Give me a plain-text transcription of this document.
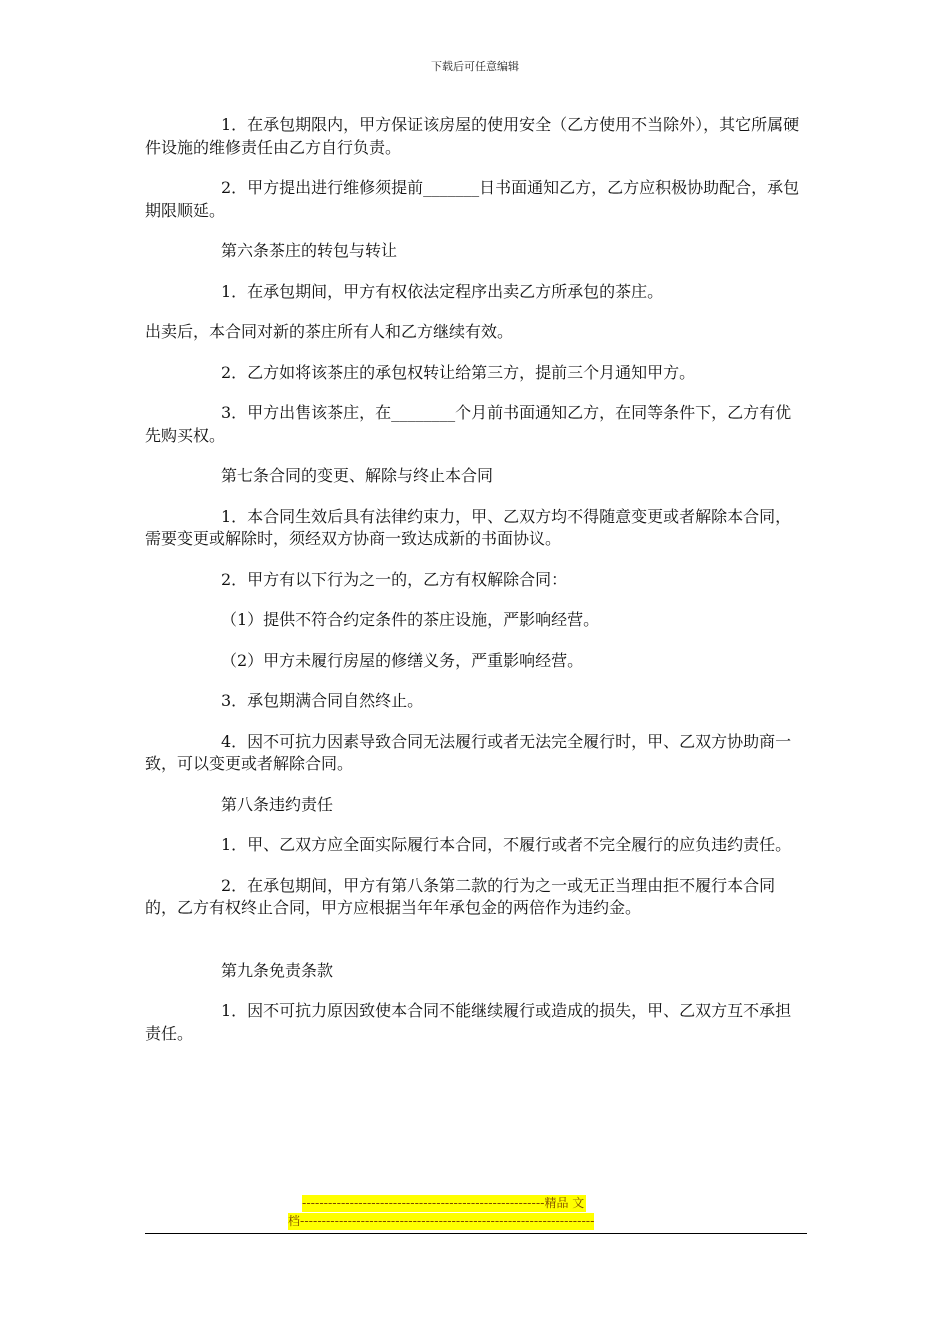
下载后可任意编辑

1．在承包期限内，甲方保证该房屋的使用安全（乙方使用不当除外），其它所属硬件设施的维修责任由乙方自行负责。

2．甲方提出进行维修须提前_______日书面通知乙方，乙方应积极协助配合，承包期限顺延。

第六条茶庄的转包与转让

1．在承包期间，甲方有权依法定程序出卖乙方所承包的茶庄。

出卖后，本合同对新的茶庄所有人和乙方继续有效。

2．乙方如将该茶庄的承包权转让给第三方，提前三个月通知甲方。

3．甲方出售该茶庄，在________个月前书面通知乙方，在同等条件下，乙方有优先购买权。

第七条合同的变更、解除与终止本合同

1．本合同生效后具有法律约束力，甲、乙双方均不得随意变更或者解除本合同，需要变更或解除时，须经双方协商一致达成新的书面协议。

2．甲方有以下行为之一的，乙方有权解除合同：

（1）提供不符合约定条件的茶庄设施，严影响经营。

（2）甲方未履行房屋的修缮义务，严重影响经营。

3．承包期满合同自然终止。

4．因不可抗力因素导致合同无法履行或者无法完全履行时，甲、乙双方协助商一致，可以变更或者解除合同。

第八条违约责任

1．甲、乙双方应全面实际履行本合同，不履行或者不完全履行的应负违约责任。

2．在承包期间，甲方有第八条第二款的行为之一或无正当理由拒不履行本合同的，乙方有权终止合同，甲方应根据当年年承包金的两倍作为违约金。

第九条免责条款

1．因不可抗力原因致使本合同不能继续履行或造成的损失，甲、乙双方互不承担责任。

--------------------------------------------------------精品 文
档--------------------------------------------------------------------
